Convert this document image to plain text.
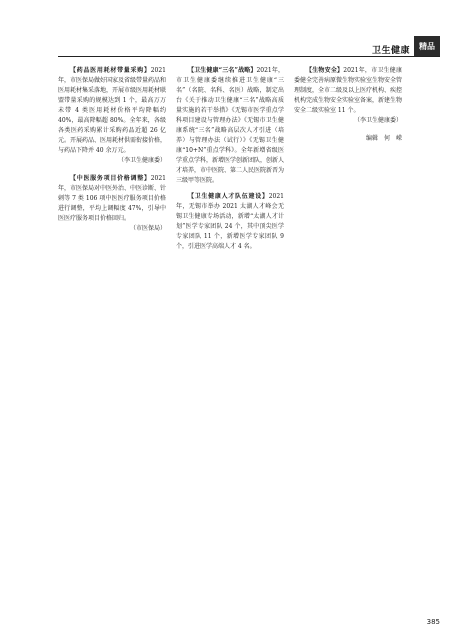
卫生健康	精品

【药品医用耗材带量采购】2021年，市医保局做好国家及省级带量药品和医用耗材集采落地，开展市级医用耗材联盟带量采购的规模达到 1 个，最高万万未带 4 类医用耗材价格平均降幅约 40%，最高降幅超 80%。全年来，各级各类医药采购累计采购药品近超 26 亿元。开展药品、医用耗材供需衔接价格，与药品下降并 40 余万元。

（李卫生健康委）

【中医服务项目价格调整】2021年，市医保局对中医外治、中医诊断、针刺等 7 类 106 项中医医疗服务项目价格进行调整，平均上调幅度 47%，引导中医医疗服务项目价格回归。

（市医保局）

【卫生健康“三名”战略】2021年，市卫生健康委继续推进卫生健康“三名”（名院、名科、名医）战略，制定出台《关于推动卫生健康“三名”战略高质量实施的若干举措》《无锡市医学重点学科项目建设与管理办法》《无锡市卫生健康系统“三名”战略高层次人才引进（培养）与管理办法（试行）》《无锡卫生健康“10+N”重点学科》。全年新增省级医学重点学科，新增医学创新团队，创新人才培养，市中医院、第二人民医院新晋为三级甲等医院。

【卫生健康人才队伍建设】2021年，无锡市举办 2021 太湖人才峰会无锡卫生健康专场活动，新增“太湖人才计划”医学专家团队 24 个，其中顶尖医学专家团队 11 个，新增医学专家团队 9 个，引进医学高端人才 4 名。

【生物安全】2021年，市卫生健康委健全完善病原微生物实验室生物安全管理制度，全市二级及以上医疗机构、疾控机构完成生物安全实验室备案，新建生物安全二级实验室 11 个。

（李卫生健康委）
编辑　何　嵘
385
